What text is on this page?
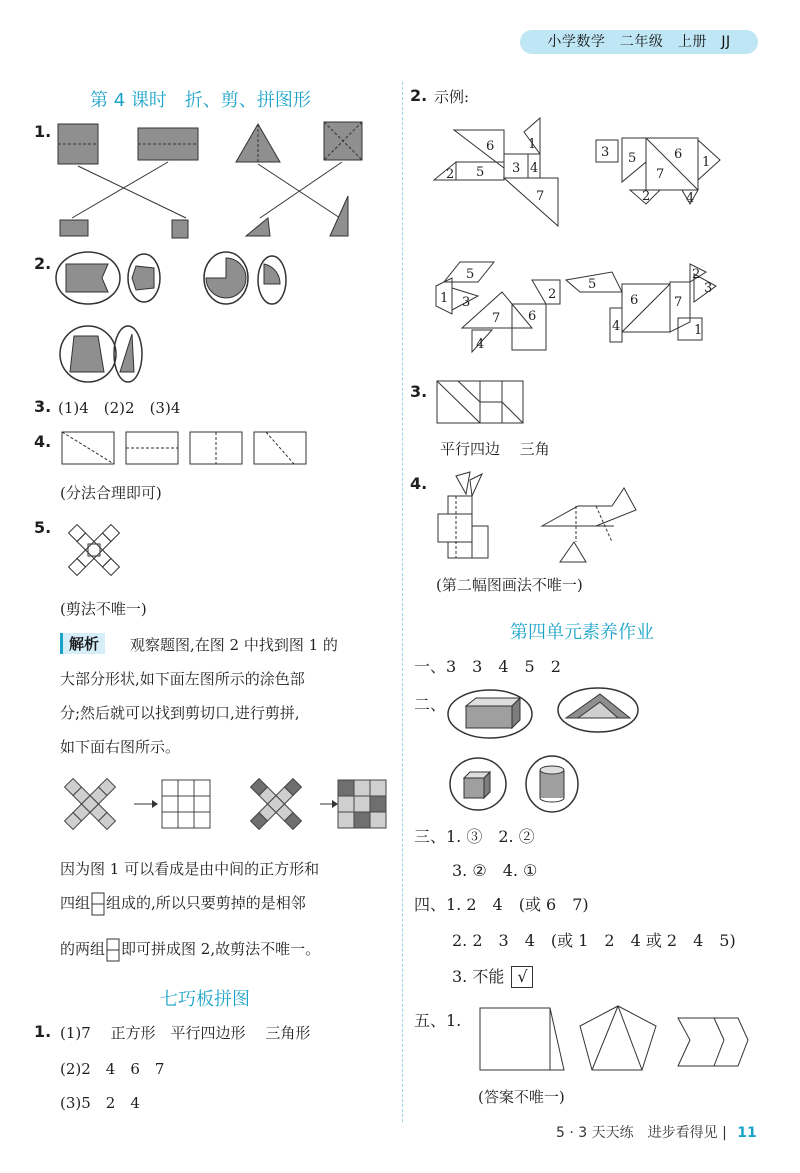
小学数学　二年级　上册　JJ
第 4 课时　折、剪、拼图形
1.
2.
3. (1)4　(2)2　(3)4
4.
(分法合理即可)
5.
(剪法不唯一)
解析	观察题图,在图 2 中找到图 1 的
大部分形状,如下面左图所示的涂色部
分;然后就可以找到剪切口,进行剪拼,
如下面右图所示。
因为图 1 可以看成是由中间的正方形和
四组 组成的,所以只要剪掉的是相邻
的两组 即可拼成图 2,故剪法不唯一。
七巧板拼图
1. (1)7　 正方形　平行四边形　 三角形
(2)2　4　6　7
(3)5　2　4
2. 示例:
6	1
3 4
2 5
7
3 5	6
1
7
2	4
5
1 3
7
2
6
4
5
6	7
2
3
4	1
3.
平行四边　 三角
4.
(第二幅图画法不唯一)
第四单元素养作业
一、3　3　4　5　2
二、
三、1. ③　2. ②
3. ②　4. ①
四、1. 2　4　(或 6　7)
2. 2　3　4　(或 1　2　4 或 2　4　5)
3. 不能 √
五、1.
(答案不唯一)
5 · 3 天天练　进步看得见 | 11
